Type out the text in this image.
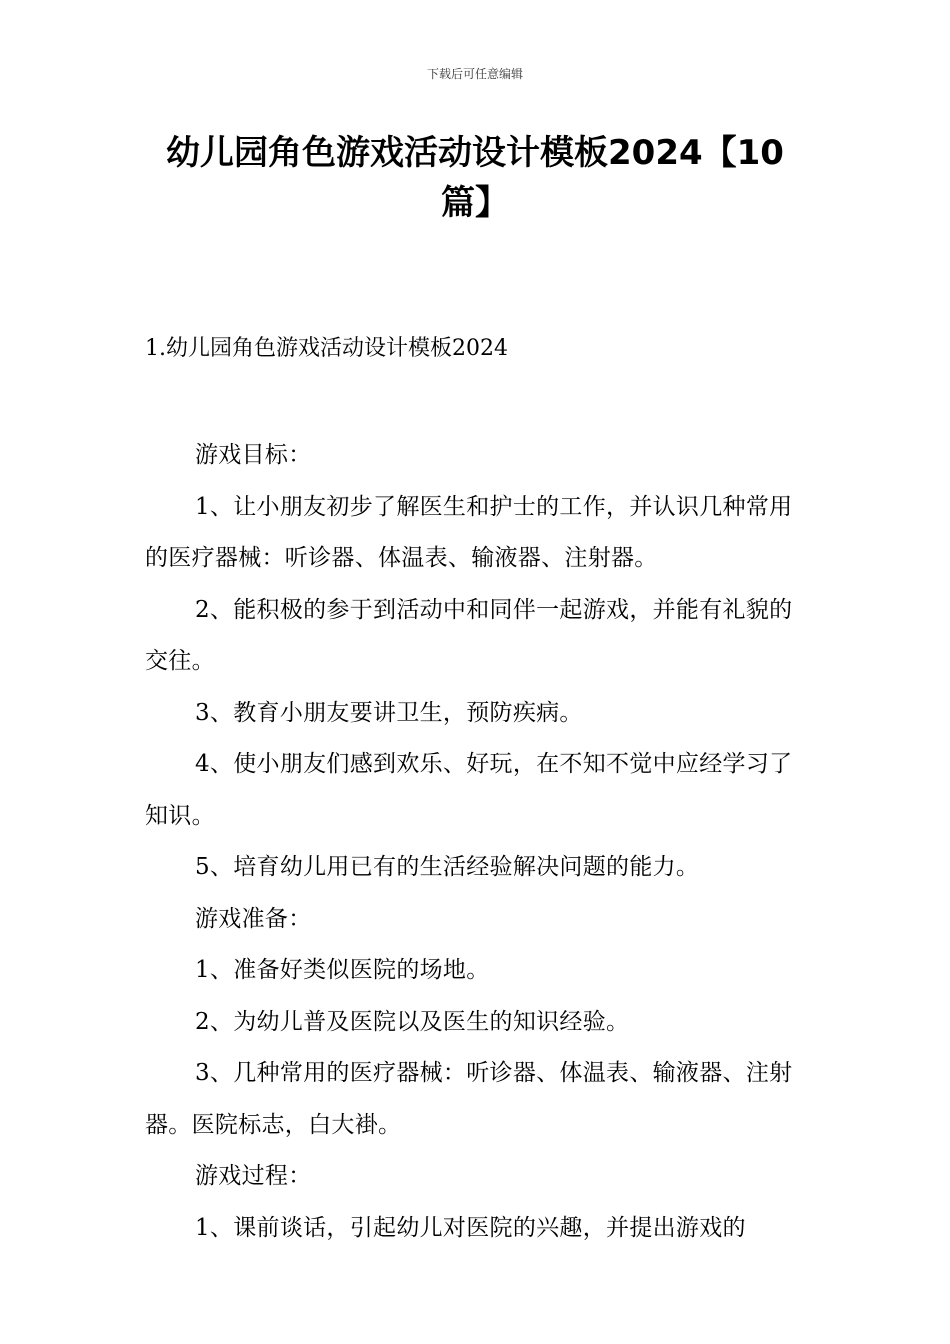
下载后可任意编辑
幼儿园角色游戏活动设计模板2024【10篇】
1.幼儿园角色游戏活动设计模板2024

游戏目标：

1、让小朋友初步了解医生和护士的工作，并认识几种常用的医疗器械：听诊器、体温表、输液器、注射器。

2、能积极的参于到活动中和同伴一起游戏，并能有礼貌的交往。

3、教育小朋友要讲卫生，预防疾病。

4、使小朋友们感到欢乐、好玩，在不知不觉中应经学习了知识。

5、培育幼儿用已有的生活经验解决问题的能力。

游戏准备：

1、准备好类似医院的场地。

2、为幼儿普及医院以及医生的知识经验。

3、几种常用的医疗器械：听诊器、体温表、输液器、注射器。医院标志，白大褂。

游戏过程：

1、课前谈话，引起幼儿对医院的兴趣，并提出游戏的
